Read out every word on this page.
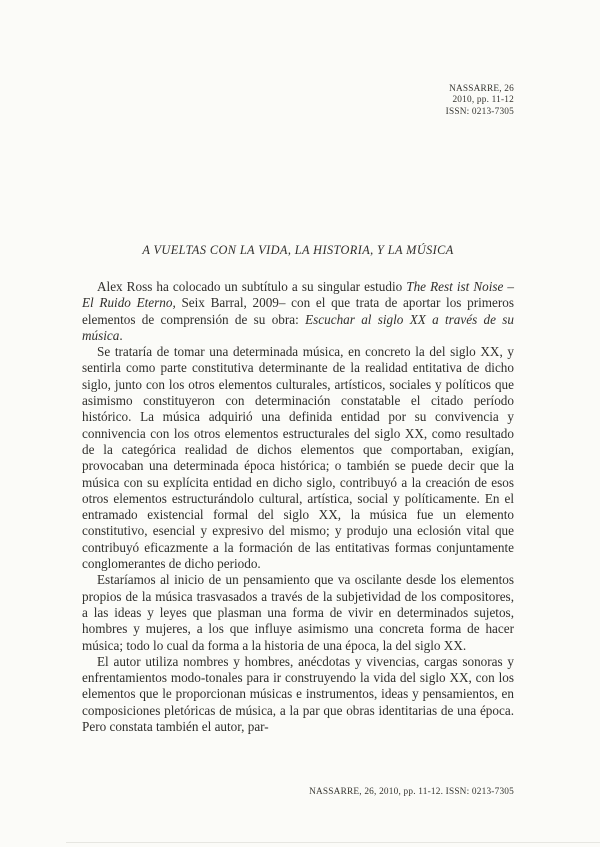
NASSARRE, 26
2010, pp. 11-12
ISSN: 0213-7305
A VUELTAS CON LA VIDA, LA HISTORIA, Y LA MÚSICA

Alex Ross ha colocado un subtítulo a su singular estudio The Rest ist Noise –El Ruido Eterno, Seix Barral, 2009– con el que trata de aportar los primeros elementos de comprensión de su obra: Escuchar al siglo XX a través de su música.

Se trataría de tomar una determinada música, en concreto la del siglo XX, y sentirla como parte constitutiva determinante de la realidad entitativa de dicho siglo, junto con los otros elementos culturales, artísticos, sociales y políticos que asimismo constituyeron con determinación constatable el citado período histórico. La música adquirió una definida entidad por su convivencia y connivencia con los otros elementos estructurales del siglo XX, como resultado de la categórica realidad de dichos elementos que comportaban, exigían, provocaban una determinada época histórica; o también se puede decir que la música con su explícita entidad en dicho siglo, contribuyó a la creación de esos otros elementos estructurándolo cultural, artística, social y políticamente. En el entramado existencial formal del siglo XX, la música fue un elemento constitutivo, esencial y expresivo del mismo; y produjo una eclosión vital que contribuyó eficazmente a la formación de las entitativas formas conjuntamente conglomerantes de dicho periodo.

Estaríamos al inicio de un pensamiento que va oscilante desde los elementos propios de la música trasvasados a través de la subjetividad de los compositores, a las ideas y leyes que plasman una forma de vivir en determinados sujetos, hombres y mujeres, a los que influye asimismo una concreta forma de hacer música; todo lo cual da forma a la historia de una época, la del siglo XX.

El autor utiliza nombres y hombres, anécdotas y vivencias, cargas sonoras y enfrentamientos modo-tonales para ir construyendo la vida del siglo XX, con los elementos que le proporcionan músicas e instrumentos, ideas y pensamientos, en composiciones pletóricas de música, a la par que obras identitarias de una época. Pero constata también el autor, par-

NASSARRE, 26, 2010, pp. 11-12. ISSN: 0213-7305
